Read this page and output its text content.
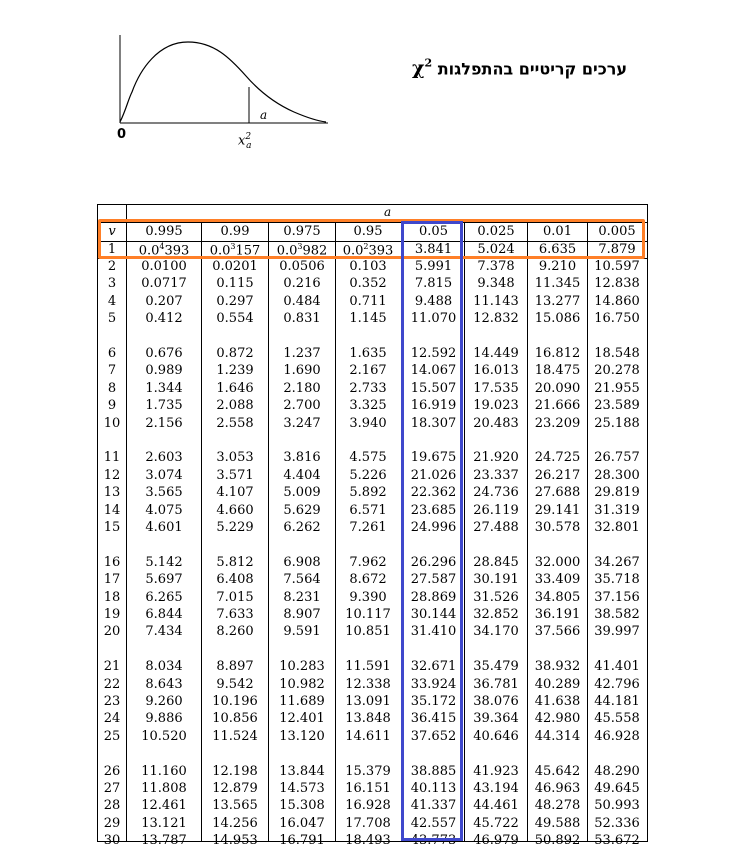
0
a
$x^2_a$
ערכים קריטיים בהתפלגות $\chi^2$
a
v	0.995	0.99	0.975	0.95	0.05	0.025	0.01	0.005
1	$0.0^4393$	$0.0^3157$	$0.0^3982$	$0.0^2393$	3.841	5.024	6.635	7.879
2	0.0100	0.0201	0.0506	0.103	5.991	7.378	9.210	10.597
3	0.0717	0.115	0.216	0.352	7.815	9.348	11.345	12.838
4	0.207	0.297	0.484	0.711	9.488	11.143	13.277	14.860
5	0.412	0.554	0.831	1.145	11.070	12.832	15.086	16.750
6	0.676	0.872	1.237	1.635	12.592	14.449	16.812	18.548
7	0.989	1.239	1.690	2.167	14.067	16.013	18.475	20.278
8	1.344	1.646	2.180	2.733	15.507	17.535	20.090	21.955
9	1.735	2.088	2.700	3.325	16.919	19.023	21.666	23.589
10	2.156	2.558	3.247	3.940	18.307	20.483	23.209	25.188
11	2.603	3.053	3.816	4.575	19.675	21.920	24.725	26.757
12	3.074	3.571	4.404	5.226	21.026	23.337	26.217	28.300
13	3.565	4.107	5.009	5.892	22.362	24.736	27.688	29.819
14	4.075	4.660	5.629	6.571	23.685	26.119	29.141	31.319
15	4.601	5.229	6.262	7.261	24.996	27.488	30.578	32.801
16	5.142	5.812	6.908	7.962	26.296	28.845	32.000	34.267
17	5.697	6.408	7.564	8.672	27.587	30.191	33.409	35.718
18	6.265	7.015	8.231	9.390	28.869	31.526	34.805	37.156
19	6.844	7.633	8.907	10.117	30.144	32.852	36.191	38.582
20	7.434	8.260	9.591	10.851	31.410	34.170	37.566	39.997
21	8.034	8.897	10.283	11.591	32.671	35.479	38.932	41.401
22	8.643	9.542	10.982	12.338	33.924	36.781	40.289	42.796
23	9.260	10.196	11.689	13.091	35.172	38.076	41.638	44.181
24	9.886	10.856	12.401	13.848	36.415	39.364	42.980	45.558
25	10.520	11.524	13.120	14.611	37.652	40.646	44.314	46.928
26	11.160	12.198	13.844	15.379	38.885	41.923	45.642	48.290
27	11.808	12.879	14.573	16.151	40.113	43.194	46.963	49.645
28	12.461	13.565	15.308	16.928	41.337	44.461	48.278	50.993
29	13.121	14.256	16.047	17.708	42.557	45.722	49.588	52.336
30	13.787	14.953	16.791	18.493	43.773	46.979	50.892	53.672
